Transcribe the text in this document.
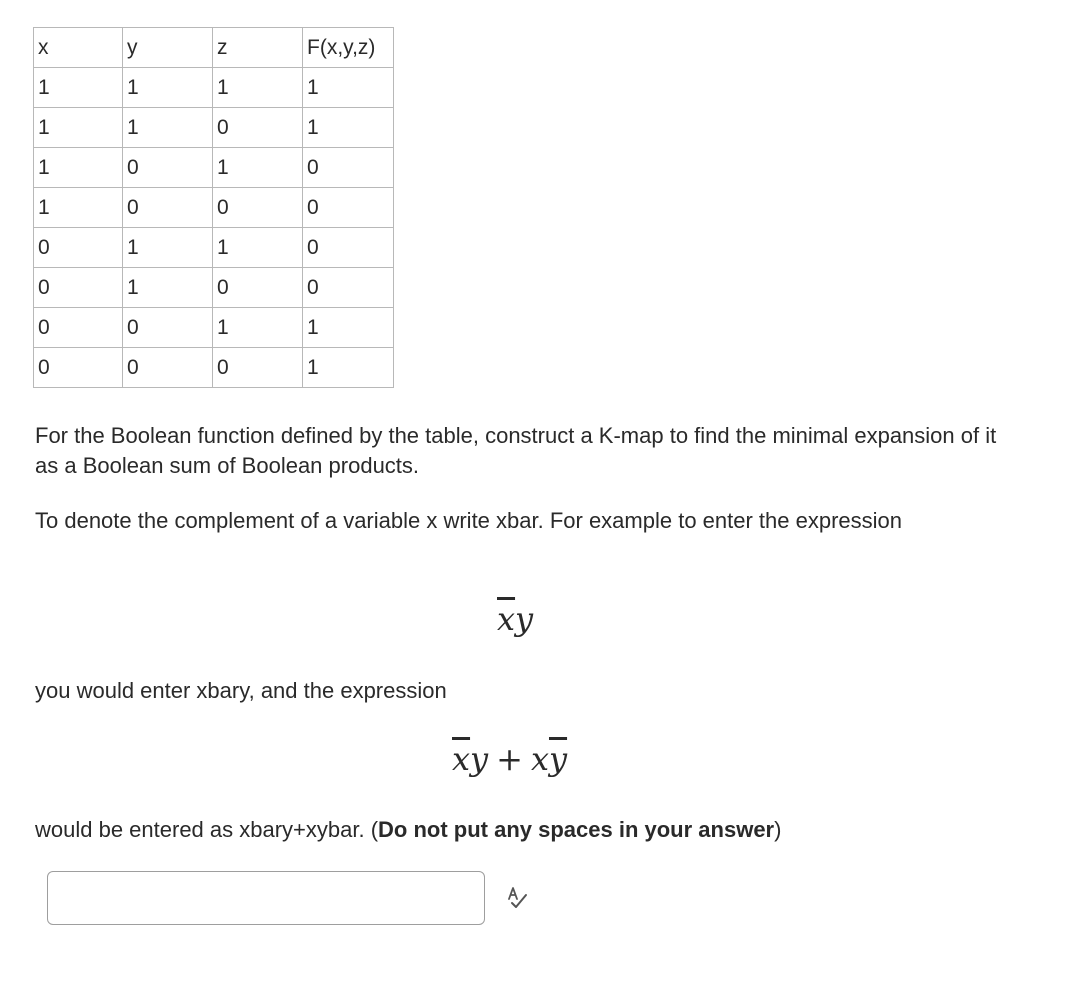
x	y	z	F(x,y,z)
1	1	1	1
1	1	0	1
1	0	1	0
1	0	0	0
0	1	1	0
0	1	0	0
0	0	1	1
0	0	0	1

For the Boolean function defined by the table, construct a K-map to find the minimal expansion of it as a Boolean sum of Boolean products.

To denote the complement of a variable x write xbar. For example to enter the expression

$\overline{x}y$

you would enter xbary, and the expression

$\overline{x}y + x\overline{y}$

would be entered as xbary+xybar. (Do not put any spaces in your answer)
